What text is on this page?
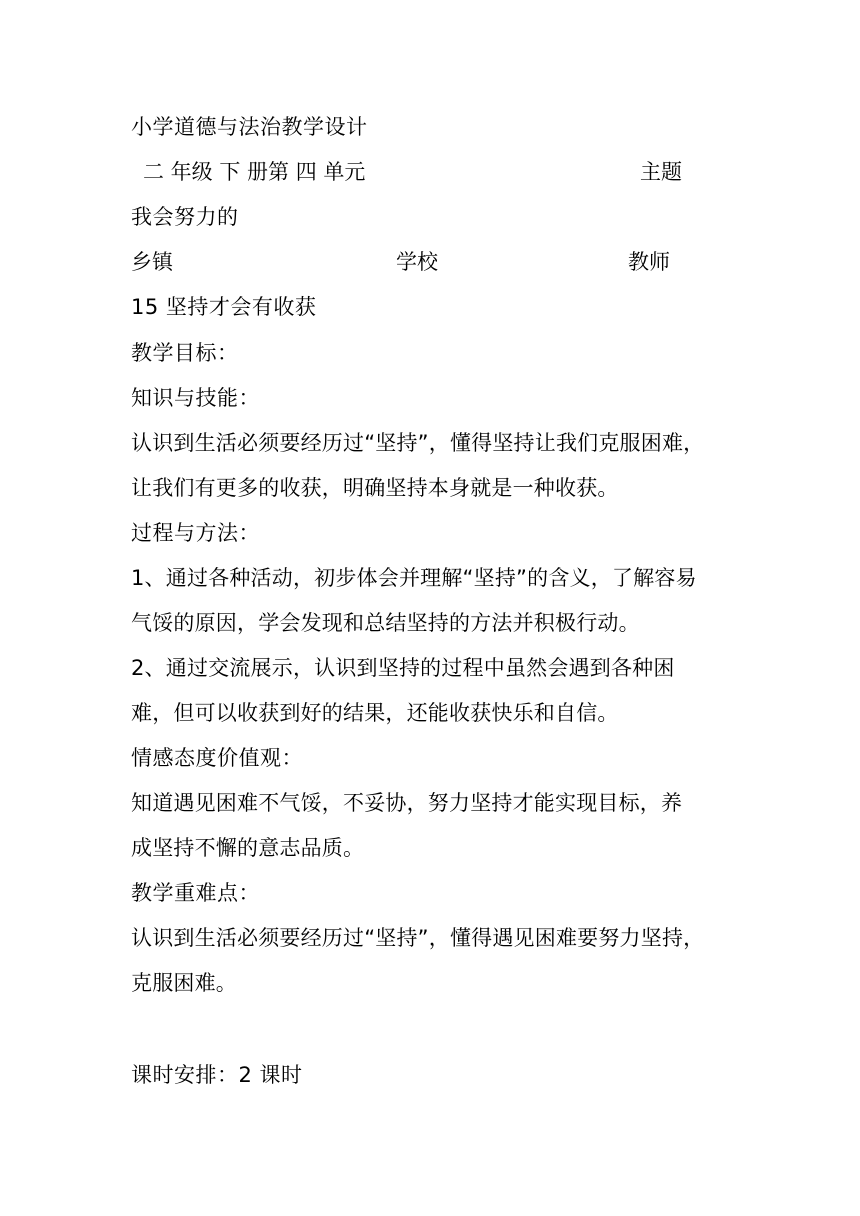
小学道德与法治教学设计
二 年级 下 册第 四 单元	主题
我会努力的
乡镇	学校	教师
15 坚持才会有收获
教学目标：
知识与技能：
认识到生活必须要经历过“坚持”，懂得坚持让我们克服困难，
让我们有更多的收获，明确坚持本身就是一种收获。
过程与方法：
1、通过各种活动，初步体会并理解“坚持”的含义，了解容易
气馁的原因，学会发现和总结坚持的方法并积极行动。
2、通过交流展示，认识到坚持的过程中虽然会遇到各种困
难，但可以收获到好的结果，还能收获快乐和自信。
情感态度价值观：
知道遇见困难不气馁，不妥协，努力坚持才能实现目标，养
成坚持不懈的意志品质。
教学重难点：
认识到生活必须要经历过“坚持”，懂得遇见困难要努力坚持，
克服困难。
课时安排：2 课时
